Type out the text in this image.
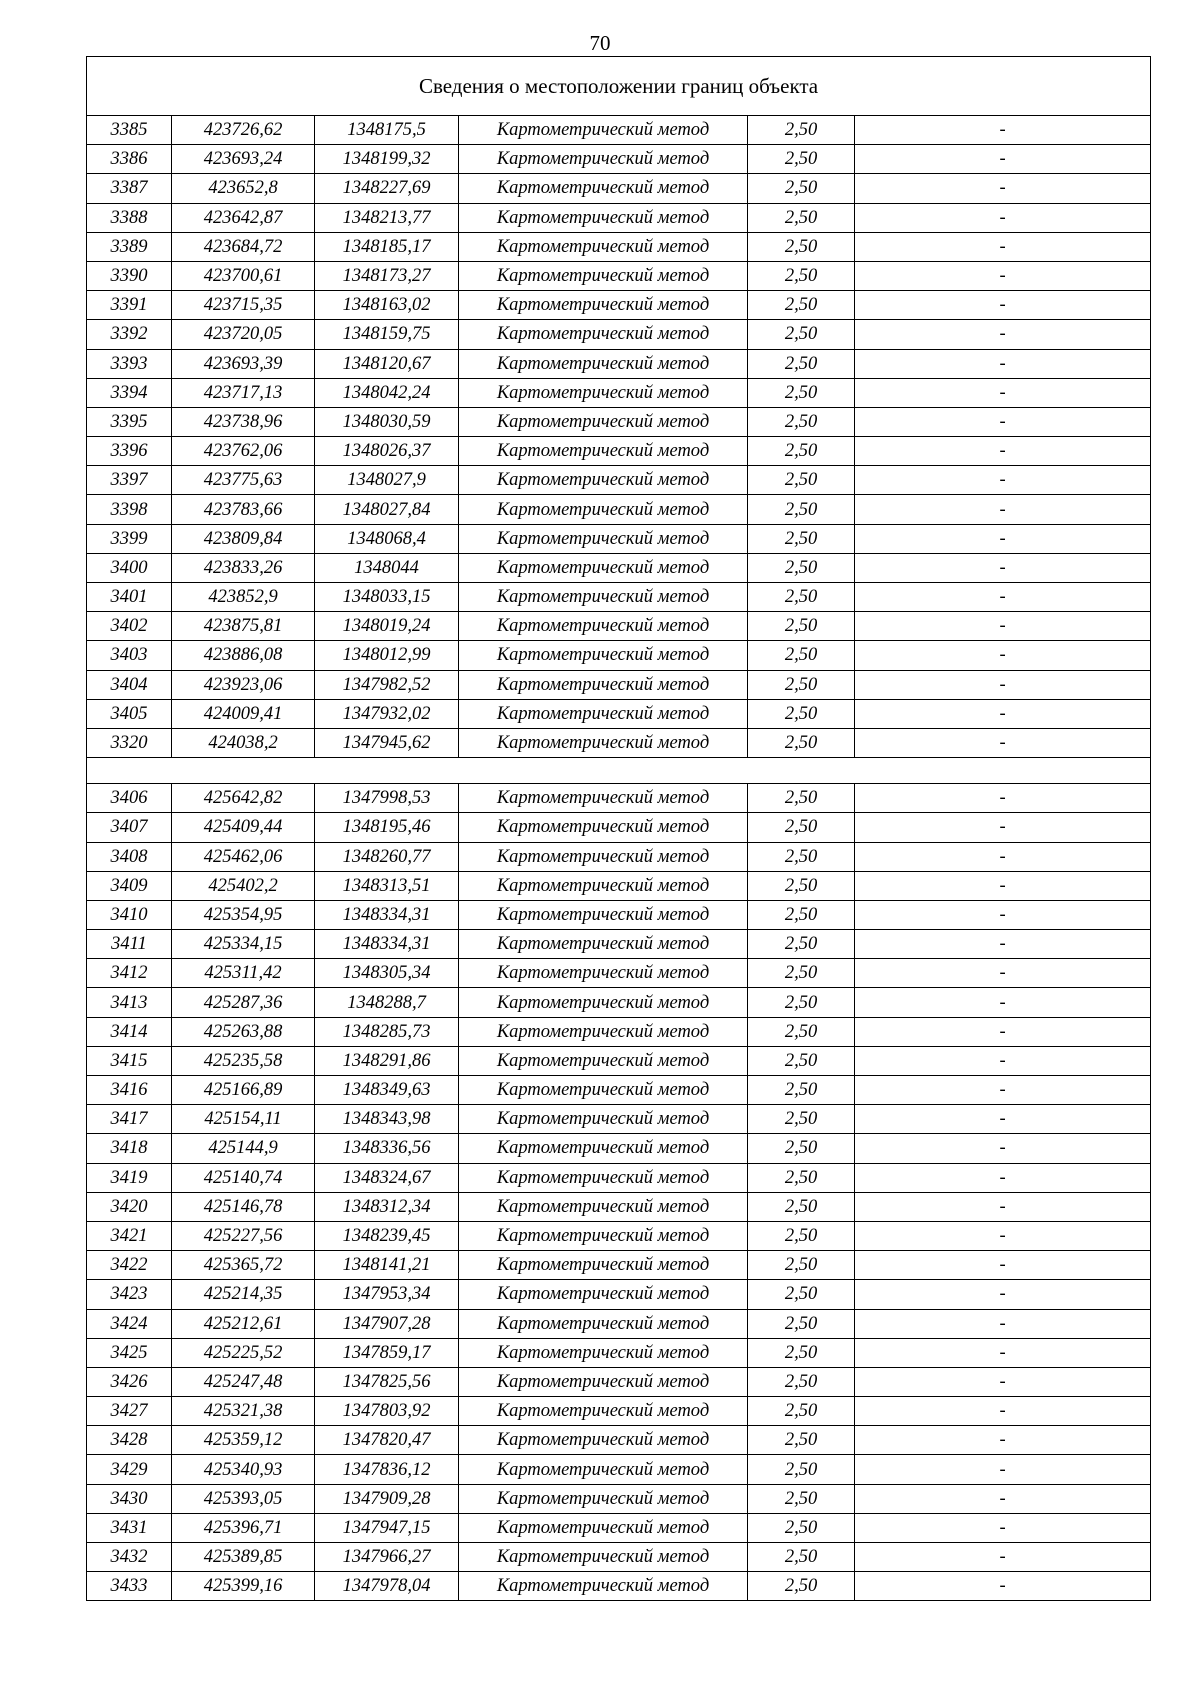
70
Сведения о местоположении границ объекта					
3385	423726,62	1348175,5	Картометрический метод	2,50	-
3386	423693,24	1348199,32	Картометрический метод	2,50	-
3387	423652,8	1348227,69	Картометрический метод	2,50	-
3388	423642,87	1348213,77	Картометрический метод	2,50	-
3389	423684,72	1348185,17	Картометрический метод	2,50	-
3390	423700,61	1348173,27	Картометрический метод	2,50	-
3391	423715,35	1348163,02	Картометрический метод	2,50	-
3392	423720,05	1348159,75	Картометрический метод	2,50	-
3393	423693,39	1348120,67	Картометрический метод	2,50	-
3394	423717,13	1348042,24	Картометрический метод	2,50	-
3395	423738,96	1348030,59	Картометрический метод	2,50	-
3396	423762,06	1348026,37	Картометрический метод	2,50	-
3397	423775,63	1348027,9	Картометрический метод	2,50	-
3398	423783,66	1348027,84	Картометрический метод	2,50	-
3399	423809,84	1348068,4	Картометрический метод	2,50	-
3400	423833,26	1348044	Картометрический метод	2,50	-
3401	423852,9	1348033,15	Картометрический метод	2,50	-
3402	423875,81	1348019,24	Картометрический метод	2,50	-
3403	423886,08	1348012,99	Картометрический метод	2,50	-
3404	423923,06	1347982,52	Картометрический метод	2,50	-
3405	424009,41	1347932,02	Картометрический метод	2,50	-
3320	424038,2	1347945,62	Картометрический метод	2,50	-

3406	425642,82	1347998,53	Картометрический метод	2,50	-
3407	425409,44	1348195,46	Картометрический метод	2,50	-
3408	425462,06	1348260,77	Картометрический метод	2,50	-
3409	425402,2	1348313,51	Картометрический метод	2,50	-
3410	425354,95	1348334,31	Картометрический метод	2,50	-
3411	425334,15	1348334,31	Картометрический метод	2,50	-
3412	425311,42	1348305,34	Картометрический метод	2,50	-
3413	425287,36	1348288,7	Картометрический метод	2,50	-
3414	425263,88	1348285,73	Картометрический метод	2,50	-
3415	425235,58	1348291,86	Картометрический метод	2,50	-
3416	425166,89	1348349,63	Картометрический метод	2,50	-
3417	425154,11	1348343,98	Картометрический метод	2,50	-
3418	425144,9	1348336,56	Картометрический метод	2,50	-
3419	425140,74	1348324,67	Картометрический метод	2,50	-
3420	425146,78	1348312,34	Картометрический метод	2,50	-
3421	425227,56	1348239,45	Картометрический метод	2,50	-
3422	425365,72	1348141,21	Картометрический метод	2,50	-
3423	425214,35	1347953,34	Картометрический метод	2,50	-
3424	425212,61	1347907,28	Картометрический метод	2,50	-
3425	425225,52	1347859,17	Картометрический метод	2,50	-
3426	425247,48	1347825,56	Картометрический метод	2,50	-
3427	425321,38	1347803,92	Картометрический метод	2,50	-
3428	425359,12	1347820,47	Картометрический метод	2,50	-
3429	425340,93	1347836,12	Картометрический метод	2,50	-
3430	425393,05	1347909,28	Картометрический метод	2,50	-
3431	425396,71	1347947,15	Картометрический метод	2,50	-
3432	425389,85	1347966,27	Картометрический метод	2,50	-
3433	425399,16	1347978,04	Картометрический метод	2,50	-
